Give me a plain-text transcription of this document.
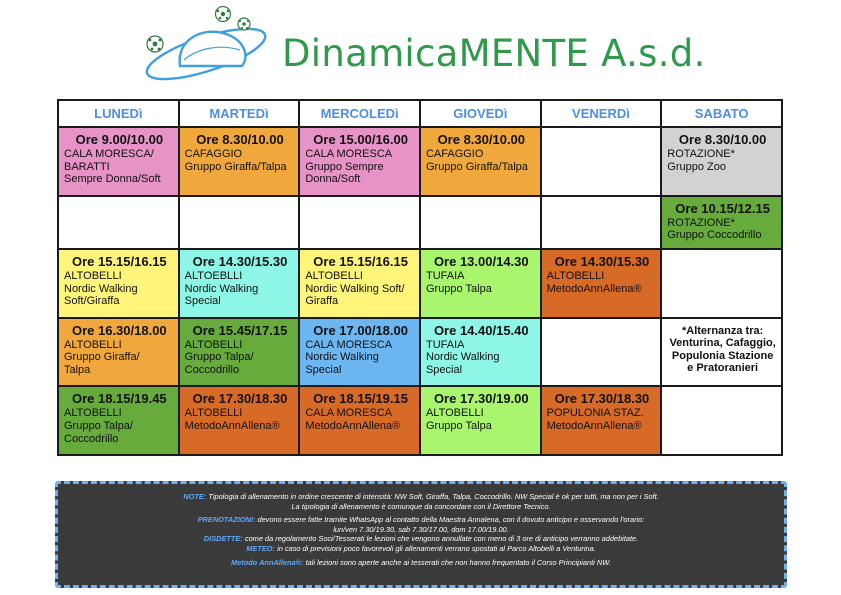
DinamicaMENTE A.s.d.
LUNEDì	MARTEDì	MERCOLEDì	GIOVEDì	VENERDì	SABATO

Ore 9.00/10.00
CALA MORESCA/
BARATTI
Sempre Donna/Soft	Ore 8.30/10.00
CAFAGGIO
Gruppo Giraffa/Talpa	Ore 15.00/16.00
CALA MORESCA
Gruppo Sempre
Donna/Soft	Ore 8.30/10.00
CAFAGGIO
Gruppo Giraffa/Talpa		Ore 8.30/10.00
ROTAZIONE*
Gruppo Zoo

					Ore 10.15/12.15
ROTAZIONE*
Gruppo Coccodrillo

Ore 15.15/16.15
ALTOBELLI
Nordic Walking
Soft/Giraffa	Ore 14.30/15.30
ALTOEBLLI
Nordic Walking
Special	Ore 15.15/16.15
ALTOBELLI
Nordic Walking Soft/
Giraffa	Ore 13.00/14.30
TUFAIA
Gruppo Talpa	Ore 14.30/15.30
ALTOBELLI
MetodoAnnAllena®	

Ore 16.30/18.00
ALTOBELLI
Gruppo Giraffa/
Talpa	Ore 15.45/17.15
ALTOBELLI
Gruppo Talpa/
Coccodrillo	Ore 17.00/18.00
CALA MORESCA
Nordic Walking
Special	Ore 14.40/15.40
TUFAIA
Nordic Walking
Special		*Alternanza tra:
Venturina, Cafaggio,
Populonia Stazione
e Pratoranieri

Ore 18.15/19.45
ALTOBELLI
Gruppo Talpa/
Coccodrillo	Ore 17.30/18.30
ALTOBELLI
MetodoAnnAllena®	Ore 18.15/19.15
CALA MORESCA
MetodoAnnAllena®	Ore 17.30/19.00
ALTOBELLI
Gruppo Talpa	Ore 17.30/18.30
POPULONIA STAZ.
MetodoAnnAllena®	

NOTE: Tipologia di allenamento in ordine crescente di intensità: NW Soft, Giraffa, Talpa, Coccodrillo. NW Special è ok per tutti, ma non per i Soft.
La tipologia di allenamento è comunque da concordare con il Direttore Tecnico.

PRENOTAZIONI: devono essere fatte tramite WhatsApp al contatto della Maestra Annalena, con il dovuto anticipo e osservando l'orario:
lun/ven 7.30/19.30, sab 7.30/17.00, dom 17.00/19.00.
DISDETTE: come da regolamento Soci/Tesserati le lezioni che vengono annullate con meno di 3 ore di anticipo verranno addebitate.
METEO: in caso di previsioni poco favorevoli gli allenamenti verrano spostati al Parco Altobelli a Venturina.

Metodo AnnAllena®: tali lezioni sono aperte anche ai tesserati che non hanno frequentato il Corso Principianti NW.
